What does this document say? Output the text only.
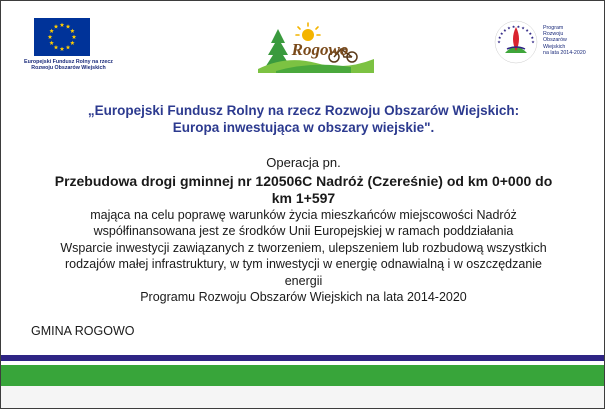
Europejski Fundusz Rolny na rzecz
Rozwoju Obszarów Wiejskich
Rogowo
Program
Rozwoju
Obszarów
Wiejskich
na lata 2014-2020
„Europejski Fundusz Rolny na rzecz Rozwoju Obszarów Wiejskich:
Europa inwestująca w obszary wiejskie".
Operacja pn.
Przebudowa drogi gminnej nr 120506C Nadróż (Czereśnie) od km 0+000 do km 1+597
mająca na celu poprawę warunków życia mieszkańców miejscowości Nadróż
współfinansowana jest ze środków Unii Europejskiej w ramach poddziałania
Wsparcie inwestycji zawiązanych z tworzeniem, ulepszeniem lub rozbudową wszystkich
rodzajów małej infrastruktury, w tym inwestycji w energię odnawialną i w oszczędzanie
energii
Programu Rozwoju Obszarów Wiejskich na lata 2014-2020
GMINA ROGOWO
